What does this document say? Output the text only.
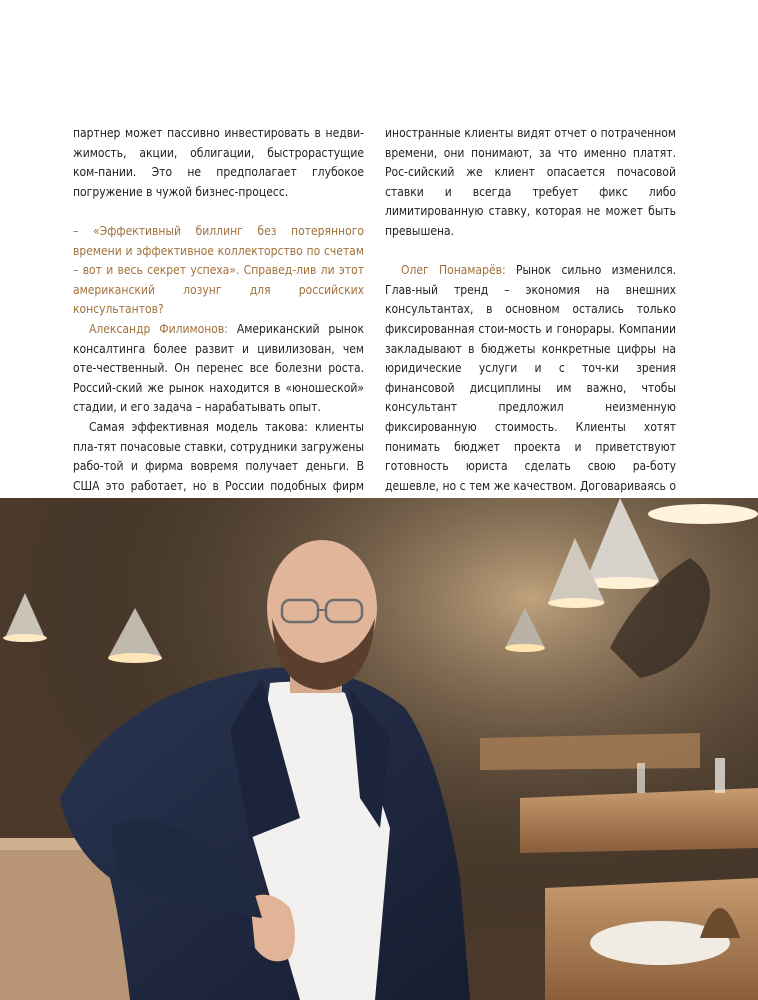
партнер может пассивно инвестировать в недви-жимость, акции, облигации, быстрорастущие ком-пании. Это не предполагает глубокое погружение в чужой бизнес-процесс.

– «Эффективный биллинг без потерянного времени и эффективное коллекторство по счетам – вот и весь секрет успеха». Справед-лив ли этот американский лозунг для российских консультантов?

Александр Филимонов: Американский рынок консалтинга более развит и цивилизован, чем оте-чественный. Он перенес все болезни роста. Россий-ский же рынок находится в «юношеской» стадии, и его задача – нарабатывать опыт.

Самая эффективная модель такова: клиенты пла-тят почасовые ставки, сотрудники загружены рабо-той и фирма вовремя получает деньги. В США это работает, но в России подобных фирм

иностранные клиенты видят отчет о потраченном времени, они понимают, за что именно платят. Рос-сийский же клиент опасается почасовой ставки и всегда требует фикс либо лимитированную ставку, которая не может быть превышена.

Олег Понамарёв: Рынок сильно изменился. Глав-ный тренд – экономия на внешних консультантах, в основном остались только фиксированная стои-мость и гонорары. Компании закладывают в бюджеты конкретные цифры на юридические услуги и с точ-ки зрения финансовой дисциплины им важно, чтобы консультант предложил неизменную фиксированную стоимость. Клиенты хотят понимать бюджет проекта и приветствуют готовность юриста сделать свою ра-боту дешевле, но с тем же качеством. Договариваясь о
